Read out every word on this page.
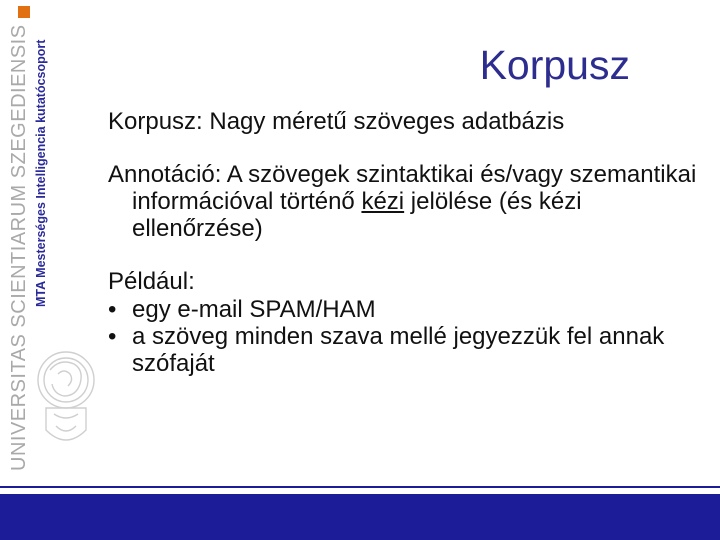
UNIVERSITAS SCIENTIARUM SZEGEDIENSIS MTA Mesterséges Intelligencia kutatócsoport	Korpusz

Korpusz: Nagy méretű szöveges adatbázis

Annotáció: A szövegek szintaktikai és/vagy szemantikai információval történő kézi jelölése (és kézi ellenőrzése)

Például:
• egy e-mail SPAM/HAM
• a szöveg minden szava mellé jegyezzük fel annak szófaját
